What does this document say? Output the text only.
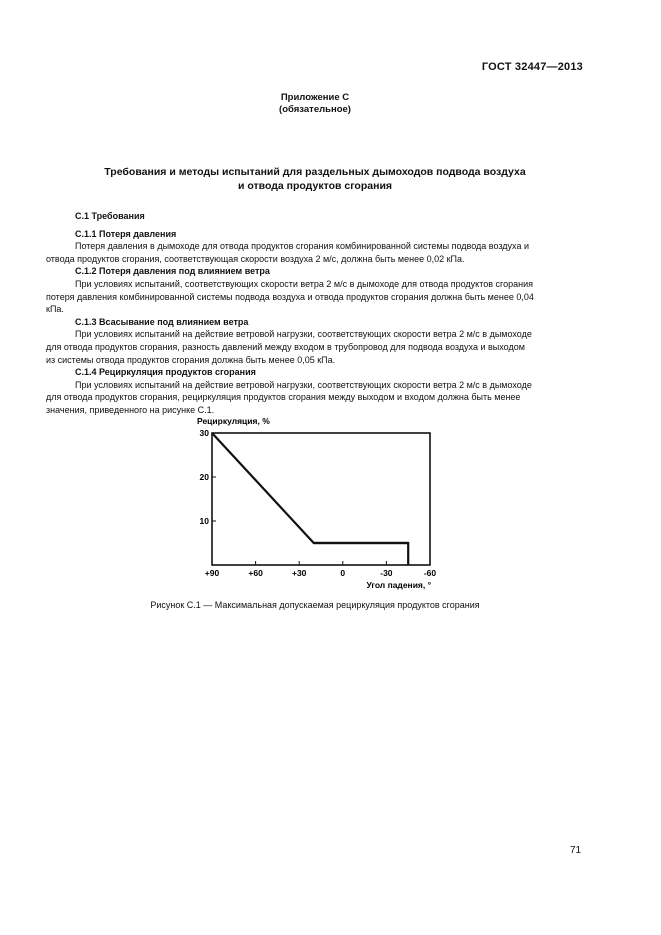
ГОСТ 32447—2013
Приложение С
(обязательное)
Требования и методы испытаний для раздельных дымоходов подвода воздуха
и отвода продуктов сгорания
С.1 Требования
С.1.1 Потеря давления
Потеря давления в дымоходе для отвода продуктов сгорания комбинированной системы подвода воздуха и
отвода продуктов сгорания, соответствующая скорости воздуха 2 м/с, должна быть менее 0,02 кПа.
С.1.2 Потеря давления под влиянием ветра
При условиях испытаний, соответствующих скорости ветра 2 м/с в дымоходе для отвода продуктов сгорания
потеря давления комбинированной системы подвода воздуха и отвода продуктов сгорания должна быть менее 0,04
кПа.
С.1.3 Всасывание под влиянием ветра
При условиях испытаний на действие ветровой нагрузки, соответствующих скорости ветра 2 м/с в дымоходе
для отвода продуктов сгорания, разность давлений между входом в трубопровод для подвода воздуха и выходом
из системы отвода продуктов сгорания должна быть менее 0,05 кПа.
С.1.4 Рециркуляция продуктов сгорания
При условиях испытаний на действие ветровой нагрузки, соответствующих скорости ветра 2 м/с в дымоходе
для отвода продуктов сгорания, рециркуляция продуктов сгорания между выходом и входом должна быть менее
значения, приведенного на рисунке С.1.
Рециркуляция, %
+90	+60	+30	0	-30	-60
30
20
10
Угол падения, °
Рисунок С.1 — Максимальная допускаемая рециркуляция продуктов сгорания
71
